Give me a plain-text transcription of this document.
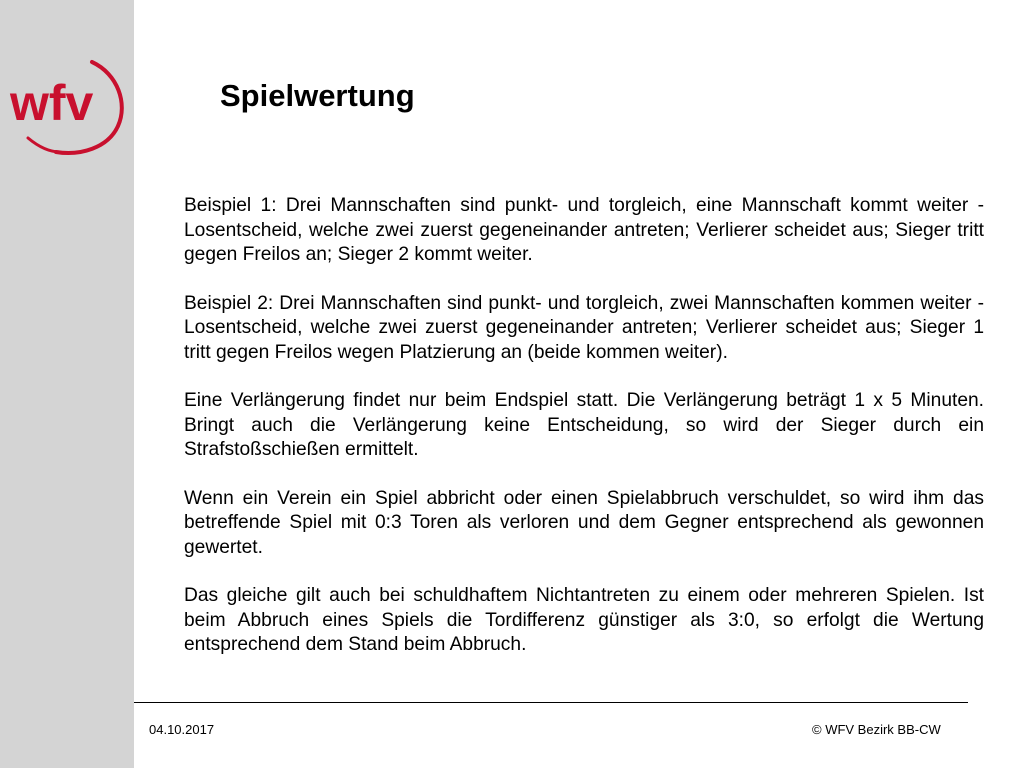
wfv	Spielwertung

Beispiel 1: Drei Mannschaften sind punkt- und torgleich, eine Mannschaft kommt weiter - Losentscheid, welche zwei zuerst gegeneinander antreten; Verlierer scheidet aus; Sieger tritt gegen Freilos an; Sieger 2 kommt weiter.

Beispiel 2: Drei Mannschaften sind punkt- und torgleich, zwei Mannschaften kommen weiter - Losentscheid, welche zwei zuerst gegeneinander antreten; Verlierer scheidet aus; Sieger 1 tritt gegen Freilos wegen Platzierung an (beide kommen weiter).

Eine Verlängerung findet nur beim Endspiel statt. Die Verlängerung beträgt 1 x 5 Minuten. Bringt auch die Verlängerung keine Entscheidung, so wird der Sieger durch ein Strafstoßschießen ermittelt.

Wenn ein Verein ein Spiel abbricht oder einen Spielabbruch verschuldet, so wird ihm das betreffende Spiel mit 0:3 Toren als verloren und dem Gegner entsprechend als gewonnen gewertet.

Das gleiche gilt auch bei schuldhaftem Nichtantreten zu einem oder mehreren Spielen. Ist beim Abbruch eines Spiels die Tordifferenz günstiger als 3:0, so erfolgt die Wertung entsprechend dem Stand beim Abbruch.

04.10.2017	© WFV Bezirk BB-CW
